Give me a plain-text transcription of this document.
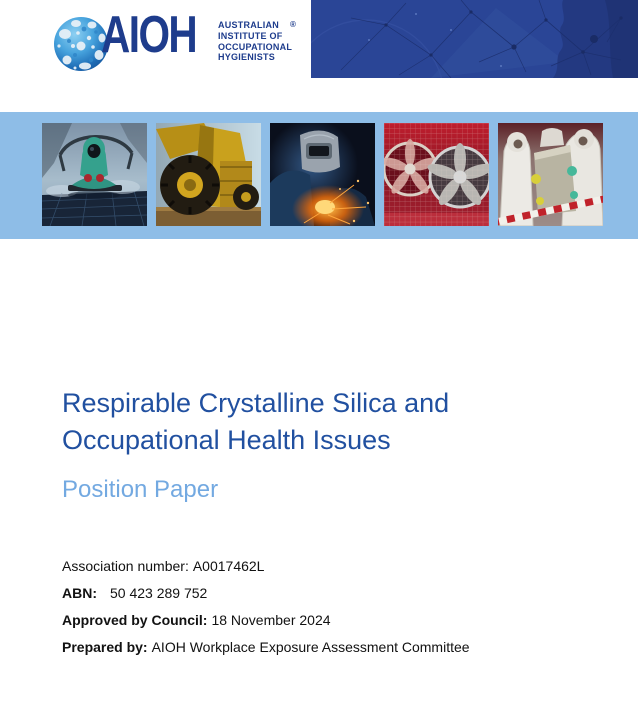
AIOH AUSTRALIAN ®
INSTITUTE OF
OCCUPATIONAL
HYGIENISTS
Respirable Crystalline Silica and
Occupational Health Issues
Position Paper
Association number: A0017462L
ABN: 50 423 289 752
Approved by Council: 18 November 2024
Prepared by: AIOH Workplace Exposure Assessment Committee
